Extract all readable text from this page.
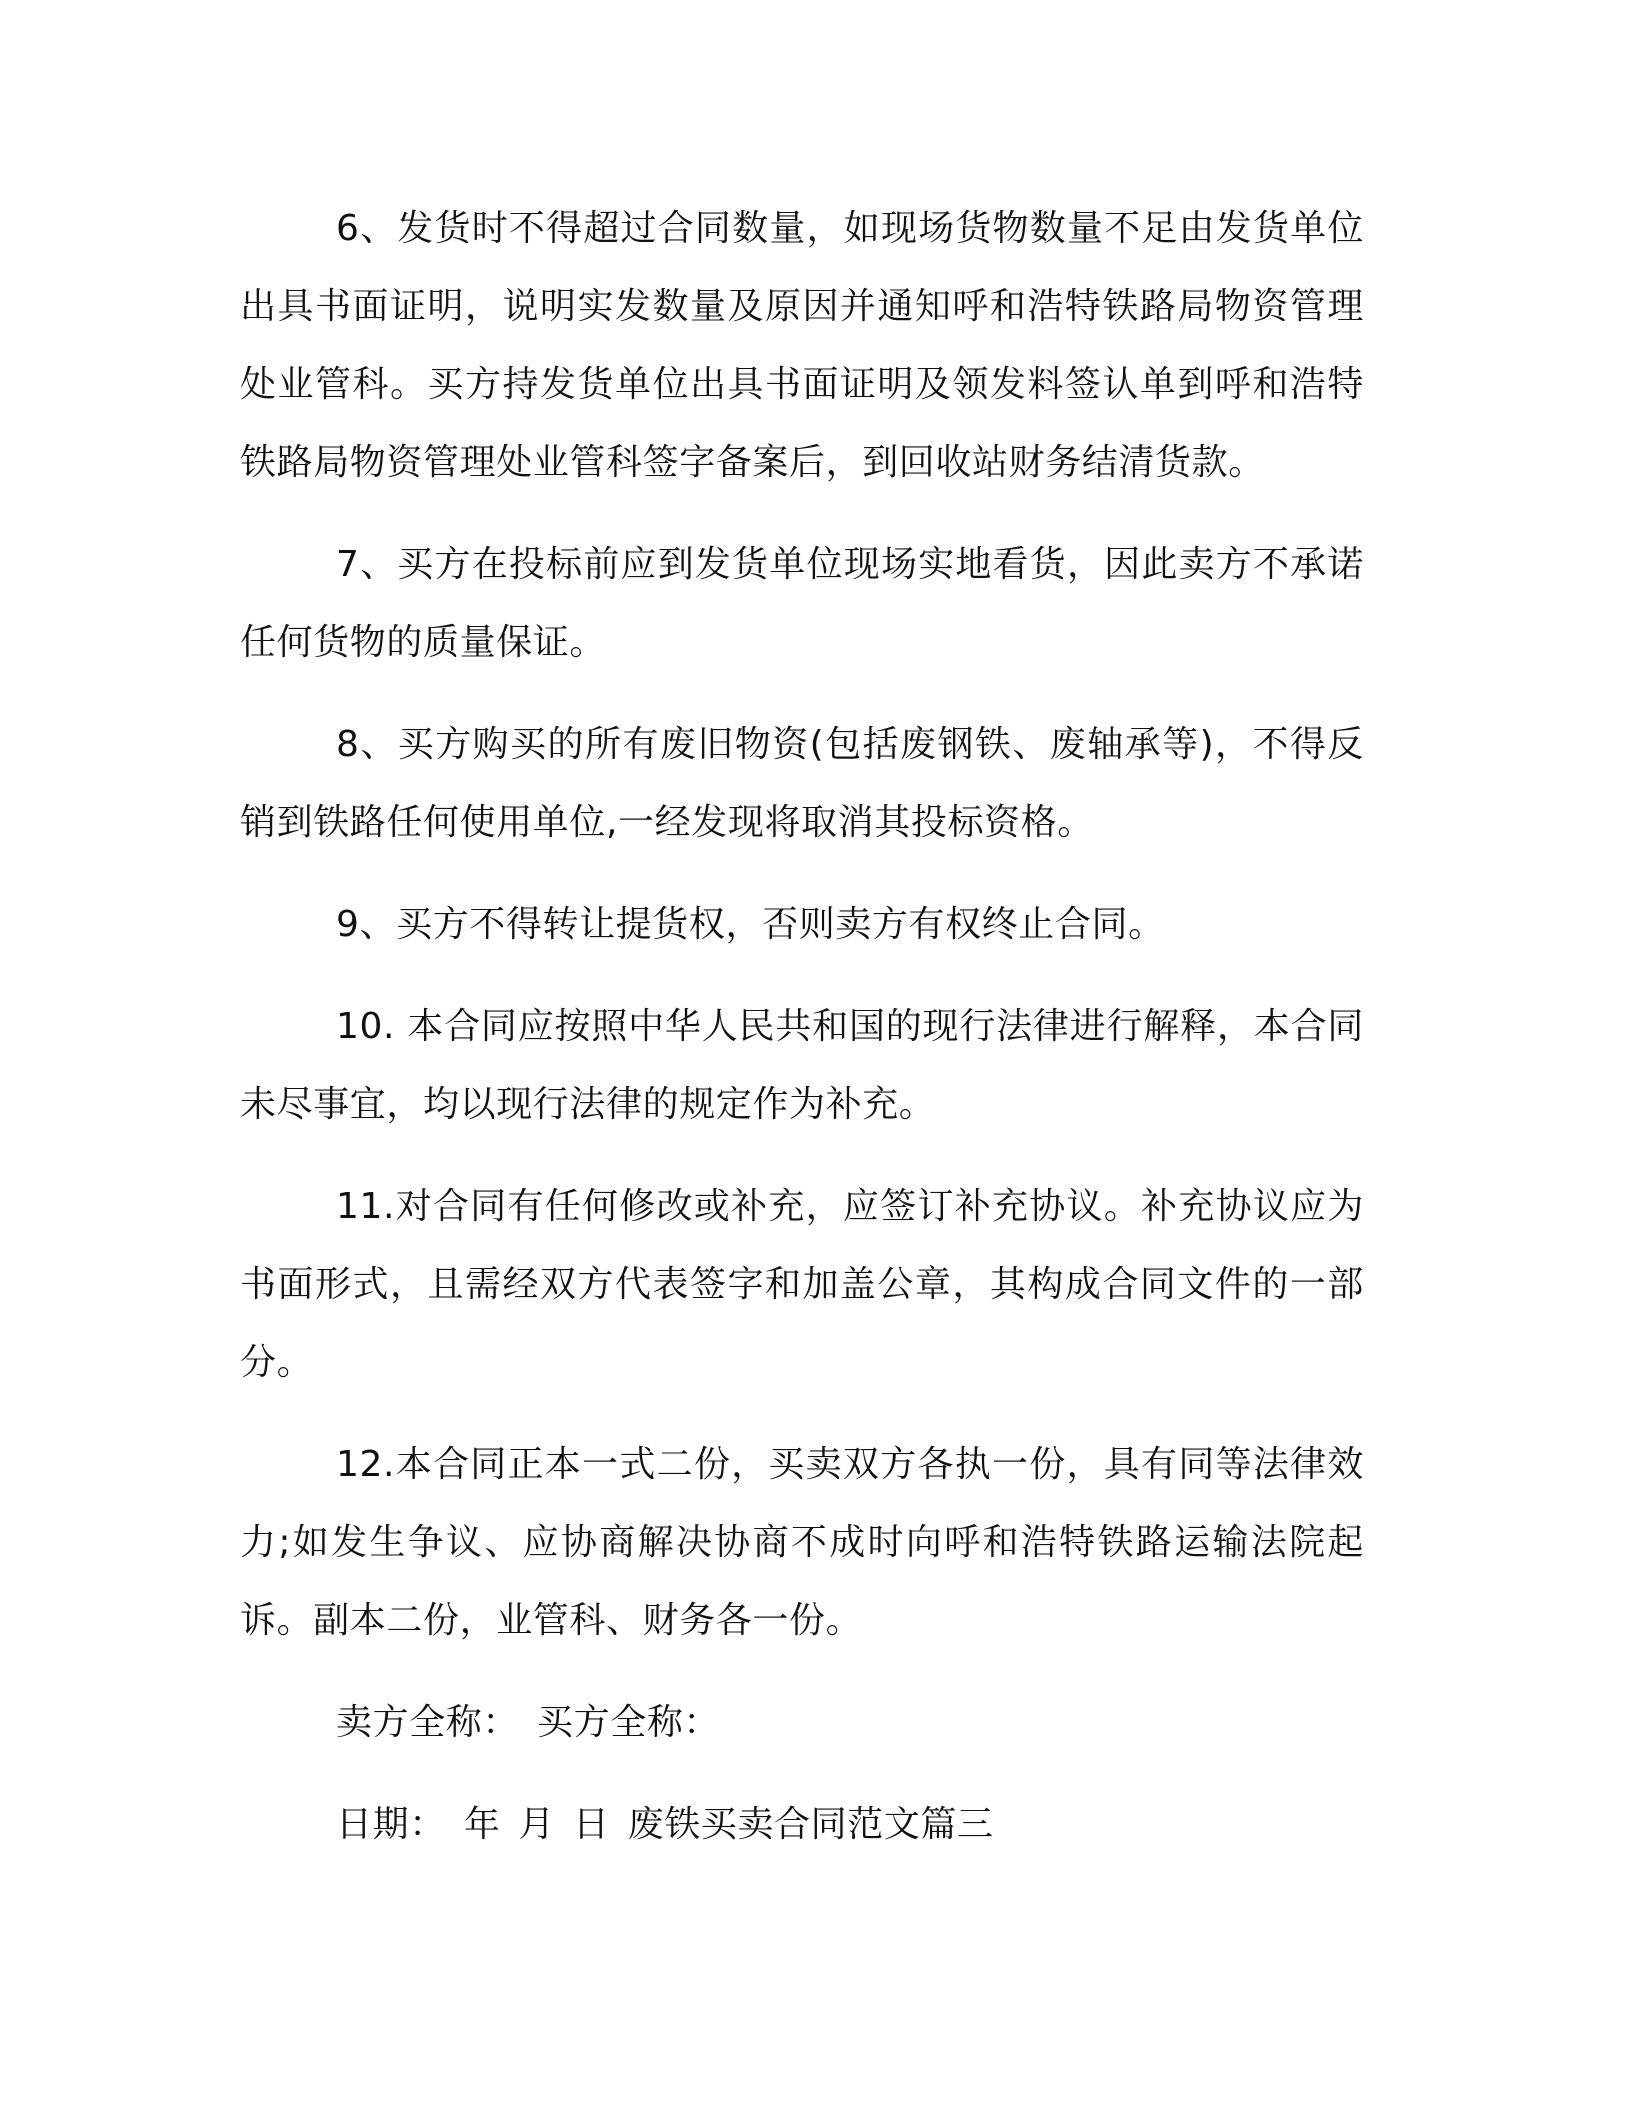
6、发货时不得超过合同数量，如现场货物数量不足由发货单位出具书面证明，说明实发数量及原因并通知呼和浩特铁路局物资管理处业管科。买方持发货单位出具书面证明及领发料签认单到呼和浩特铁路局物资管理处业管科签字备案后，到回收站财务结清货款。

7、买方在投标前应到发货单位现场实地看货，因此卖方不承诺任何货物的质量保证。

8、买方购买的所有废旧物资(包括废钢铁、废轴承等)，不得反销到铁路任何使用单位,一经发现将取消其投标资格。

9、买方不得转让提货权，否则卖方有权终止合同。

10. 本合同应按照中华人民共和国的现行法律进行解释，本合同未尽事宜，均以现行法律的规定作为补充。

11.对合同有任何修改或补充，应签订补充协议。补充协议应为书面形式，且需经双方代表签字和加盖公章，其构成合同文件的一部分。

12.本合同正本一式二份，买卖双方各执一份，具有同等法律效力;如发生争议、应协商解决协商不成时向呼和浩特铁路运输法院起诉。副本二份，业管科、财务各一份。

卖方全称： 买方全称：
日期： 年 月 日 废铁买卖合同范文篇三
